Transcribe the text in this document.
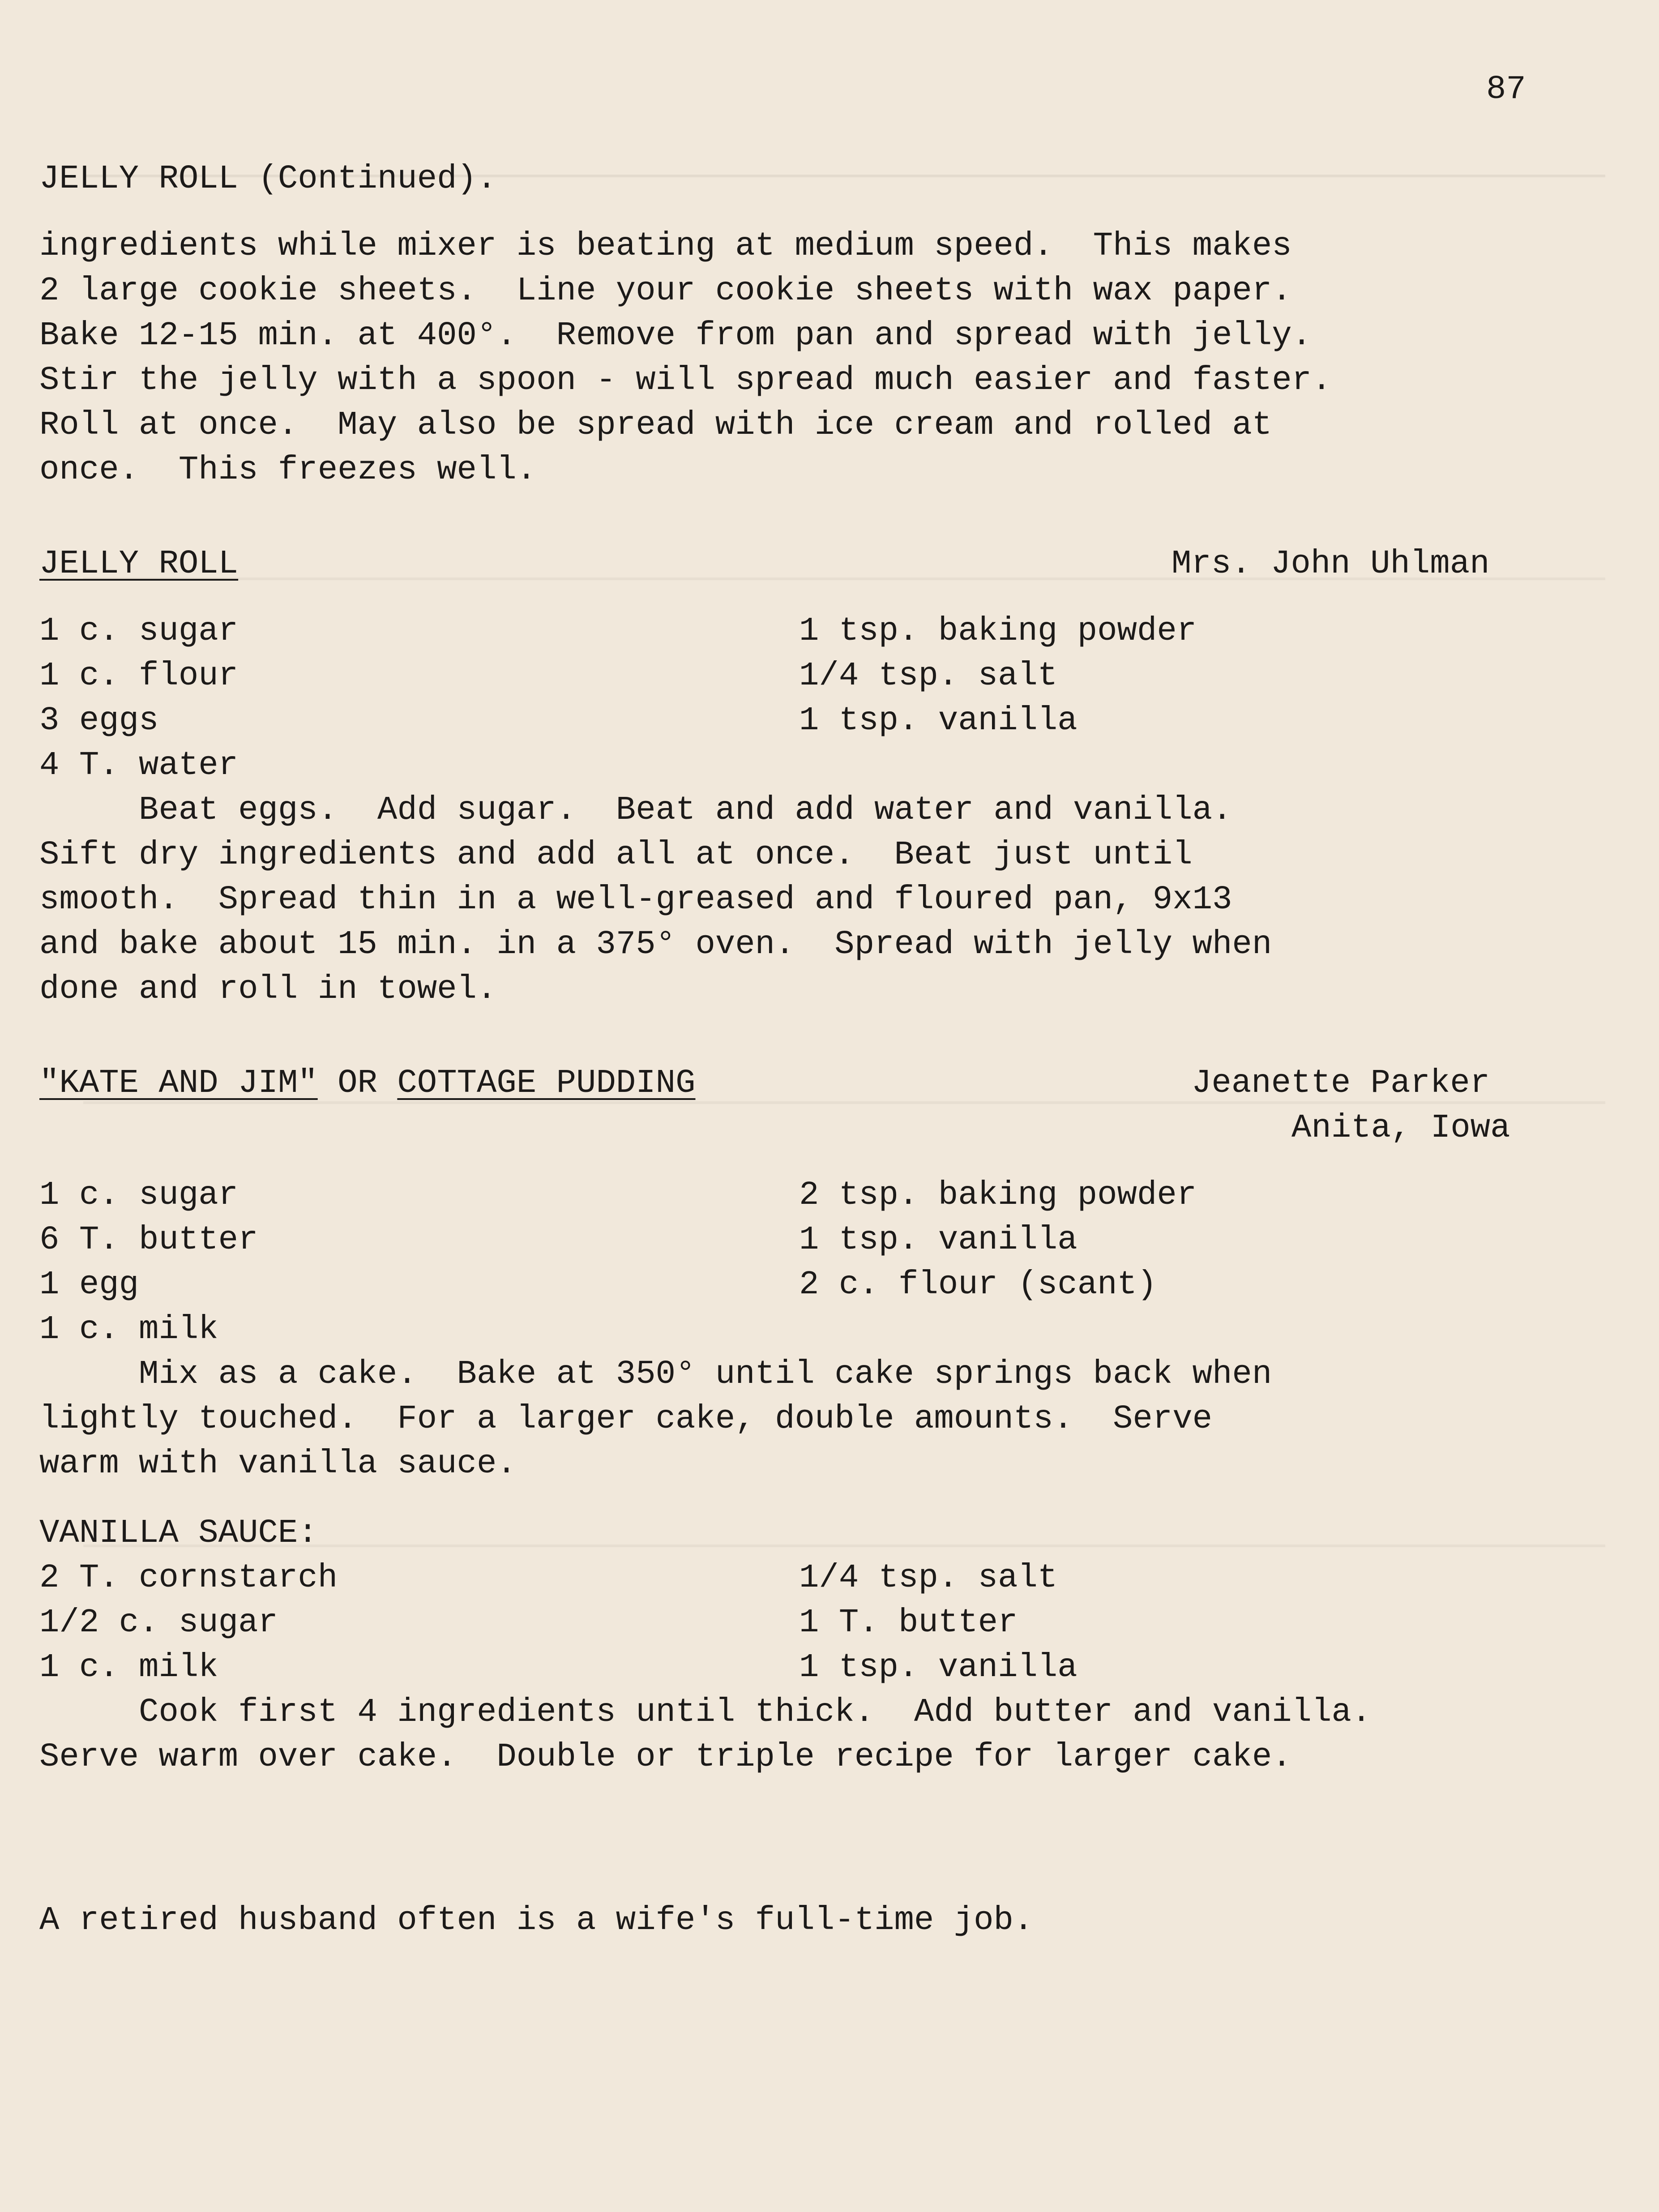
87
JELLY ROLL (Continued).
ingredients while mixer is beating at medium speed.  This makes
2 large cookie sheets.  Line your cookie sheets with wax paper.
Bake 12-15 min. at 400°.  Remove from pan and spread with jelly.
Stir the jelly with a spoon - will spread much easier and faster.
Roll at once.  May also be spread with ice cream and rolled at
once.  This freezes well.
JELLY ROLL	Mrs. John Uhlman
1 c. sugar
1 c. flour
3 eggs
4 T. water
1 tsp. baking powder
1/4 tsp. salt
1 tsp. vanilla
Beat eggs.  Add sugar.  Beat and add water and vanilla.
Sift dry ingredients and add all at once.  Beat just until
smooth.  Spread thin in a well-greased and floured pan, 9x13
and bake about 15 min. in a 375° oven.  Spread with jelly when
done and roll in towel.
"KATE AND JIM" OR COTTAGE PUDDING	Jeanette Parker
Anita, Iowa
1 c. sugar
6 T. butter
1 egg
1 c. milk
2 tsp. baking powder
1 tsp. vanilla
2 c. flour (scant)
Mix as a cake.  Bake at 350° until cake springs back when
lightly touched.  For a larger cake, double amounts.  Serve
warm with vanilla sauce.
VANILLA SAUCE:
2 T. cornstarch
1/2 c. sugar
1 c. milk
1/4 tsp. salt
1 T. butter
1 tsp. vanilla
Cook first 4 ingredients until thick.  Add butter and vanilla.
Serve warm over cake.  Double or triple recipe for larger cake.
A retired husband often is a wife's full-time job.
